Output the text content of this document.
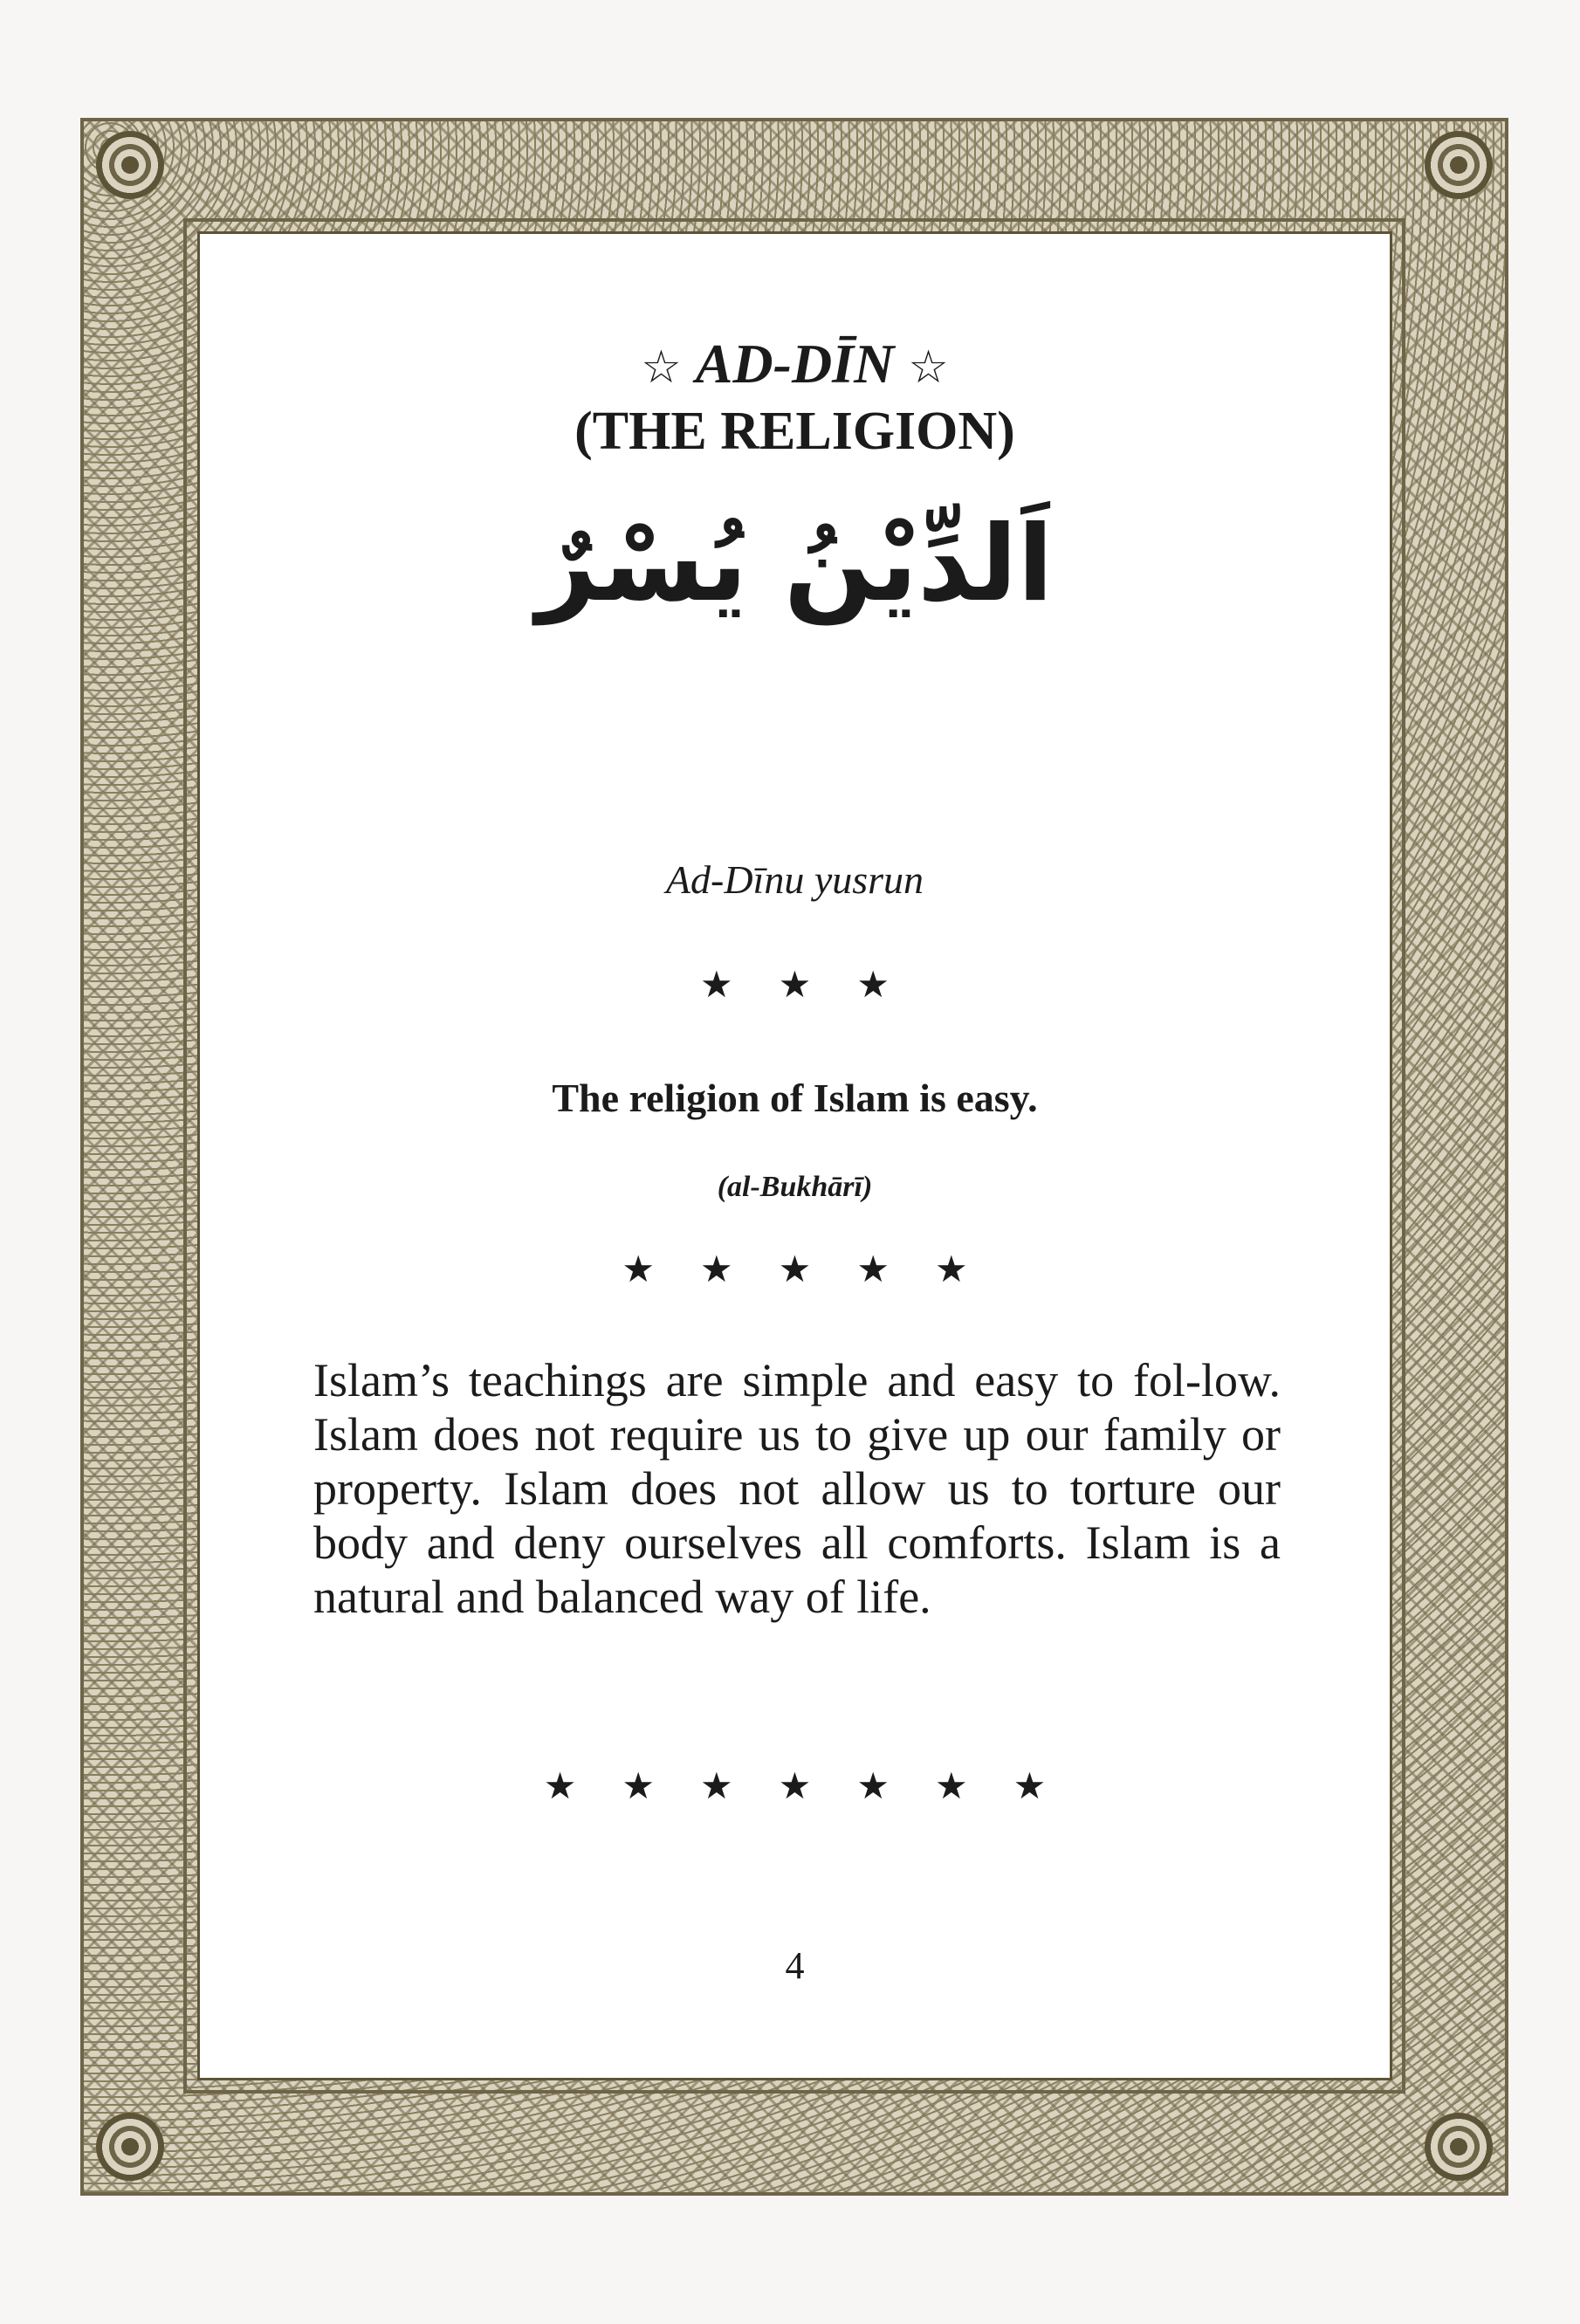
☆ AD-DĪN ☆
(THE RELIGION)
اَلدِّيْنُ يُسْرٌ
Ad-Dīnu yusrun
★★★
The religion of Islam is easy.
(al-Bukhārī)
★★★★★
Islam’s teachings are simple and easy to fol-low. Islam does not require us to give up our family or property. Islam does not allow us to torture our body and deny ourselves all comforts. Islam is a natural and balanced way of life.
★★★★★★★
4
